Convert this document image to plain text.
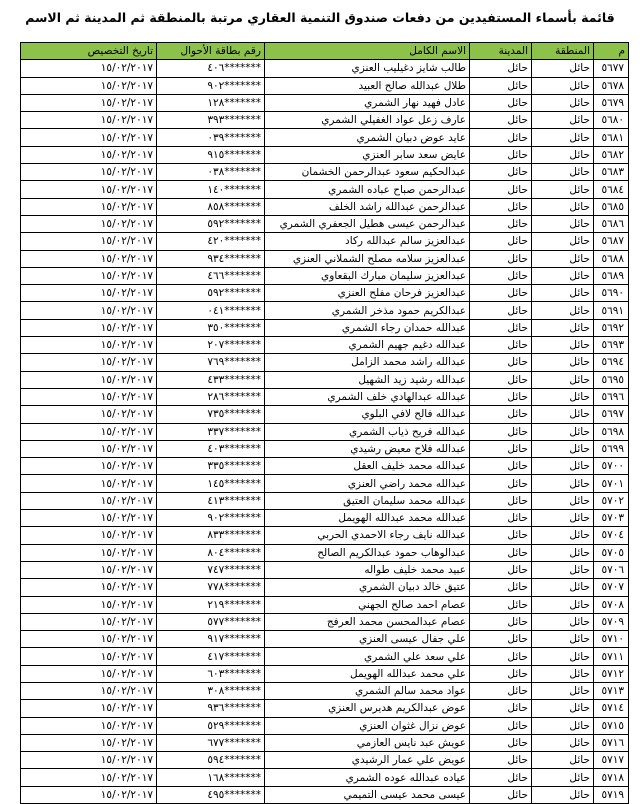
قائمة بأسماء المستفيدين من دفعات صندوق التنمية العقاري مرتبة بالمنطقة ثم المدينة ثم الاسم
م	المنطقة	المدينة	الاسم الكامل	رقم بطاقة الأحوال	تاريخ التخصيص
٥٦٧٧	حائل	حائل	طالب شايز دغيليب العنزي	*******٤٠٦	١٥/٠٢/٢٠١٧
٥٦٧٨	حائل	حائل	طلال عبدالله صالح العبيد	*******٩٠٢	١٥/٠٢/٢٠١٧
٥٦٧٩	حائل	حائل	عادل فهيد نهار الشمري	*******١٢٨	١٥/٠٢/٢٠١٧
٥٦٨٠	حائل	حائل	عارف زعل عواد الغفيلي الشمري	*******٣٩٣	١٥/٠٢/٢٠١٧
٥٦٨١	حائل	حائل	عايد عوض دبيان الشمري	*******٠٣٩	١٥/٠٢/٢٠١٧
٥٦٨٢	حائل	حائل	عايض سعد سابر العنزي	*******٩١٥	١٥/٠٢/٢٠١٧
٥٦٨٣	حائل	حائل	عبدالحكيم سعود عبدالرحمن الخشمان	*******٠٣٨	١٥/٠٢/٢٠١٧
٥٦٨٤	حائل	حائل	عبدالرحمن صباح عباده الشمري	*******١٤٠	١٥/٠٢/٢٠١٧
٥٦٨٥	حائل	حائل	عبدالرحمن عبدالله راشد الخلف	*******٨٥٨	١٥/٠٢/٢٠١٧
٥٦٨٦	حائل	حائل	عبدالرحمن عيسى هطيل الجعفري الشمري	*******٥٩٢	١٥/٠٢/٢٠١٧
٥٦٨٧	حائل	حائل	عبدالعزيز سالم عبدالله ركاد	*******٤٢٠	١٥/٠٢/٢٠١٧
٥٦٨٨	حائل	حائل	عبدالعزيز سلامه مصلح الشملاني العنزي	*******٩٣٤	١٥/٠٢/٢٠١٧
٥٦٨٩	حائل	حائل	عبدالعزيز سليمان مبارك البقعاوي	*******٤٦٦	١٥/٠٢/٢٠١٧
٥٦٩٠	حائل	حائل	عبدالعزيز فرحان مفلح العنزي	*******٥٩٢	١٥/٠٢/٢٠١٧
٥٦٩١	حائل	حائل	عبدالكريم حمود مذخر الشمري	*******٠٤١	١٥/٠٢/٢٠١٧
٥٦٩٢	حائل	حائل	عبدالله حمدان رجاء الشمري	*******٣٥٠	١٥/٠٢/٢٠١٧
٥٦٩٣	حائل	حائل	عبدالله دغيم جهيم الشمري	*******٢٠٧	١٥/٠٢/٢٠١٧
٥٦٩٤	حائل	حائل	عبدالله راشد محمد الزامل	*******٧٦٩	١٥/٠٢/٢٠١٧
٥٦٩٥	حائل	حائل	عبدالله رشيد زيد الشهيل	*******٤٣٣	١٥/٠٢/٢٠١٧
٥٦٩٦	حائل	حائل	عبدالله عبدالهادي خلف الشمري	*******٢٨٦	١٥/٠٢/٢٠١٧
٥٦٩٧	حائل	حائل	عبدالله فالح لافي البلوي	*******٧٣٥	١٥/٠٢/٢٠١٧
٥٦٩٨	حائل	حائل	عبدالله فريح ذياب الشمري	*******٣٣٧	١٥/٠٢/٢٠١٧
٥٦٩٩	حائل	حائل	عبدالله فلاح معيض رشيدي	*******٤٠٣	١٥/٠٢/٢٠١٧
٥٧٠٠	حائل	حائل	عبدالله محمد خليف العقل	*******٣٣٥	١٥/٠٢/٢٠١٧
٥٧٠١	حائل	حائل	عبدالله محمد راضي العنزي	*******١٤٥	١٥/٠٢/٢٠١٧
٥٧٠٢	حائل	حائل	عبدالله محمد سليمان العتيق	*******٤١٣	١٥/٠٢/٢٠١٧
٥٧٠٣	حائل	حائل	عبدالله محمد عبدالله الهويمل	*******٩٠٢	١٥/٠٢/٢٠١٧
٥٧٠٤	حائل	حائل	عبدالله نايف رجاء الاحمدي الحربي	*******٨٣٣	١٥/٠٢/٢٠١٧
٥٧٠٥	حائل	حائل	عبدالوهاب حمود عبدالكريم الصالح	*******٨٠٤	١٥/٠٢/٢٠١٧
٥٧٠٦	حائل	حائل	عبيد محمد خليف طواله	*******٧٤٧	١٥/٠٢/٢٠١٧
٥٧٠٧	حائل	حائل	عتيق خالد دبيان الشمري	*******٧٧٨	١٥/٠٢/٢٠١٧
٥٧٠٨	حائل	حائل	عصام احمد صالح الجهني	*******٢١٩	١٥/٠٢/٢٠١٧
٥٧٠٩	حائل	حائل	عصام عبدالمحسن محمد العرفج	*******٥٧٧	١٥/٠٢/٢٠١٧
٥٧١٠	حائل	حائل	علي جفال عيسى العنزي	*******٩١٧	١٥/٠٢/٢٠١٧
٥٧١١	حائل	حائل	علي سعد علي الشمري	*******٤١٧	١٥/٠٢/٢٠١٧
٥٧١٢	حائل	حائل	علي محمد عبدالله الهويمل	*******٦٠٣	١٥/٠٢/٢٠١٧
٥٧١٣	حائل	حائل	عواد محمد سالم الشمري	*******٣٠٨	١٥/٠٢/٢٠١٧
٥٧١٤	حائل	حائل	عوض عبدالكريم هديرس العنزي	*******٩٣٦	١٥/٠٢/٢٠١٧
٥٧١٥	حائل	حائل	عوض نزال غثوان العنزي	*******٥٢٩	١٥/٠٢/٢٠١٧
٥٧١٦	حائل	حائل	عويش عبد نايس العازمي	*******٦٧٧	١٥/٠٢/٢٠١٧
٥٧١٧	حائل	حائل	عويض علي عمار الرشيدي	*******٥٩٤	١٥/٠٢/٢٠١٧
٥٧١٨	حائل	حائل	عياده عبدالله عوده الشمري	*******١٦٨	١٥/٠٢/٢٠١٧
٥٧١٩	حائل	حائل	عيسى محمد عيسى التميمي	*******٤٩٥	١٥/٠٢/٢٠١٧
